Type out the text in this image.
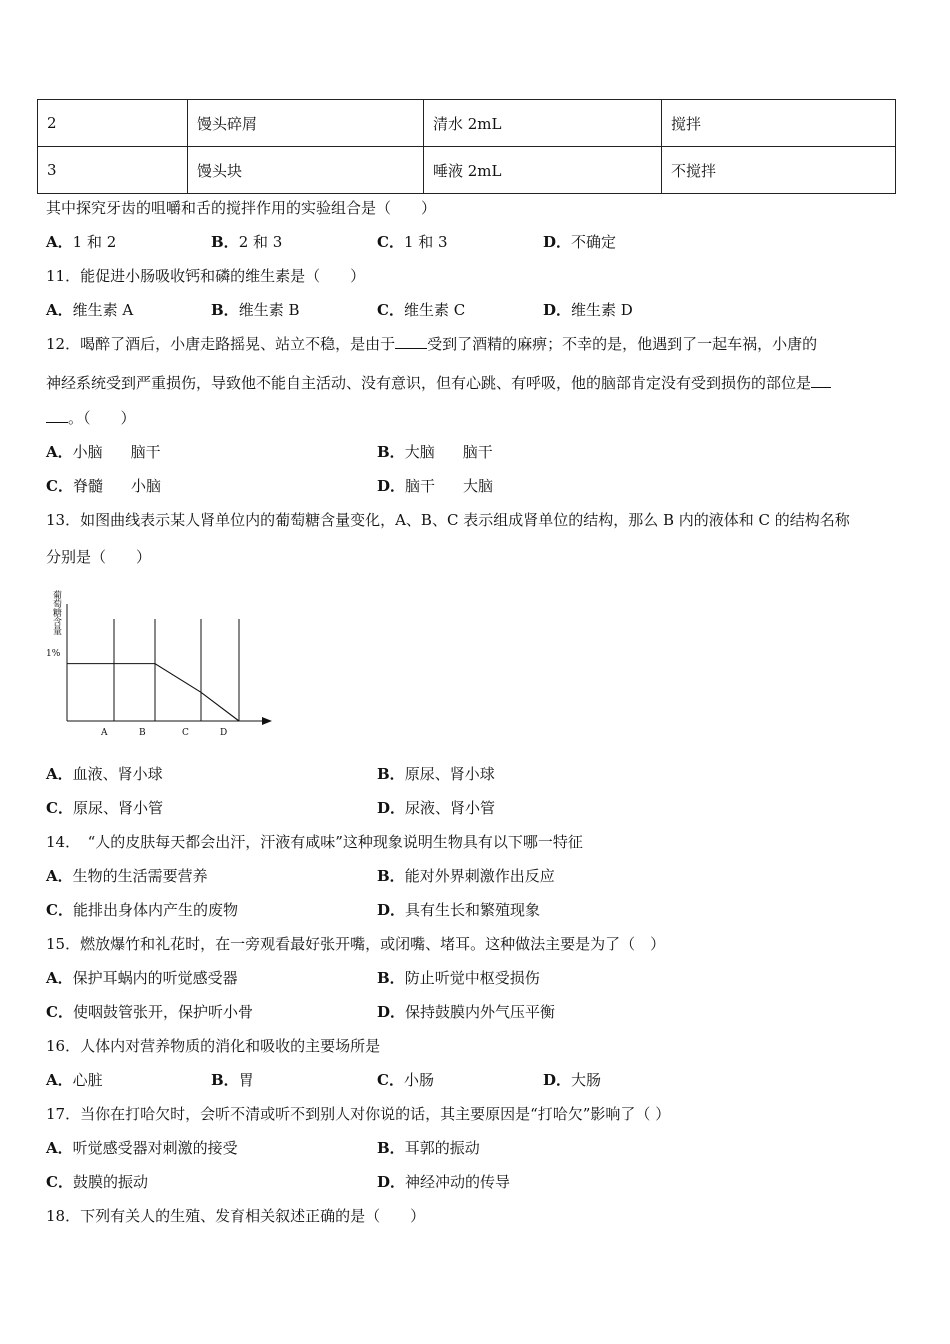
2	馒头碎屑	清水 2mL	搅拌
3	馒头块	唾液 2mL	不搅拌
其中探究牙齿的咀嚼和舌的搅拌作用的实验组合是（　　）
A．1 和 2	B．2 和 3	C．1 和 3	D．不确定
11．能促进小肠吸收钙和磷的维生素是（　　）
A．维生素 A	B．维生素 B	C．维生素 C	D．维生素 D
12．喝醉了酒后，小唐走路摇晃、站立不稳，是由于 受到了酒精的麻痹；不幸的是，他遇到了一起车祸，小唐的
神经系统受到严重损伤，导致他不能自主活动、没有意识，但有心跳、有呼吸，他的脑部肯定没有受到损伤的部位是
。（　　）
A．小脑 脑干	B．大脑 脑干
C．脊髓 小脑	D．脑干 大脑
13．如图曲线表示某人肾单位内的葡萄糖含量变化，A、B、C 表示组成肾单位的结构，那么 B 内的液体和 C 的结构名称
分别是（　　）
葡萄糖含量
1%
A	B	C	D
A．血液、肾小球	B．原尿、肾小球
C．原尿、肾小管	D．尿液、肾小管
14．　“人的皮肤每天都会出汗，汗液有咸味”这种现象说明生物具有以下哪一特征
A．生物的生活需要营养	B．能对外界刺激作出反应
C．能排出身体内产生的废物	D．具有生长和繁殖现象
15．燃放爆竹和礼花时，在一旁观看最好张开嘴，或闭嘴、堵耳。这种做法主要是为了（　）
A．保护耳蜗内的听觉感受器	B．防止听觉中枢受损伤
C．使咽鼓管张开，保护听小骨	D．保持鼓膜内外气压平衡
16．人体内对营养物质的消化和吸收的主要场所是
A．心脏	B．胃	C．小肠	D．大肠
17．当你在打哈欠时，会听不清或听不到别人对你说的话，其主要原因是“打哈欠”影响了（ ）
A．听觉感受器对刺激的接受	B．耳郭的振动
C．鼓膜的振动	D．神经冲动的传导
18．下列有关人的生殖、发育相关叙述正确的是（　　）
